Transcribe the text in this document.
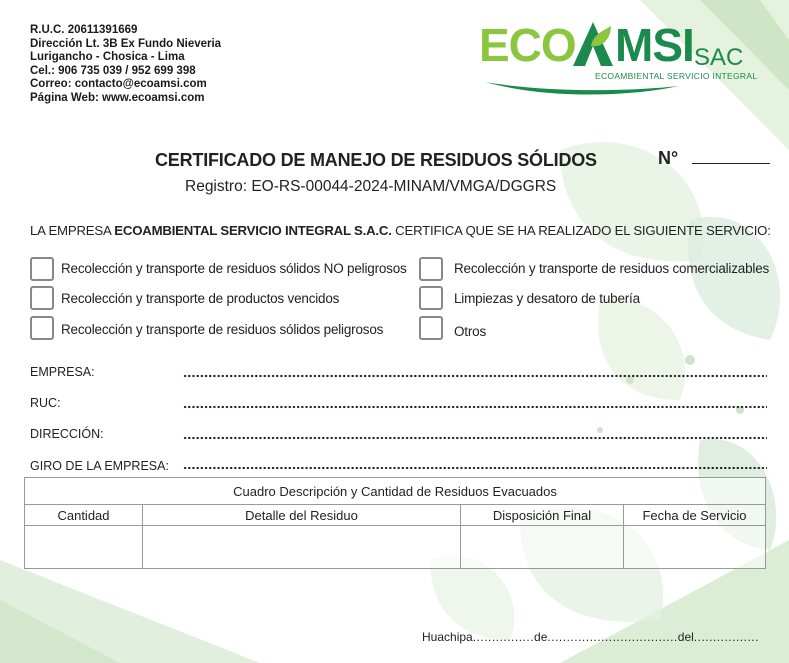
R.U.C. 20611391669
Dirección Lt. 3B Ex Fundo Nieveria
Lurigancho - Chosica - Lima
Cel.: 906 735 039 / 952 699 398
Correo: contacto@ecoamsi.com
Página Web: www.ecoamsi.com
ECO MSI SAC
ECOAMBIENTAL SERVICIO INTEGRAL
CERTIFICADO DE MANEJO DE RESIDUOS SÓLIDOS	N°
Registro: EO-RS-00044-2024-MINAM/VMGA/DGGRS
LA EMPRESA ECOAMBIENTAL SERVICIO INTEGRAL S.A.C. CERTIFICA QUE SE HA REALIZADO EL SIGUIENTE SERVICIO:
Recolección y transporte de residuos sólidos NO peligrosos
Recolección y transporte de productos vencidos
Recolección y transporte de residuos sólidos peligrosos
Recolección y transporte de residuos comercializables
Limpiezas y desatoro de tubería
Otros
EMPRESA:
RUC:
DIRECCIÓN:
GIRO DE LA EMPRESA:
Cuadro Descripción y Cantidad de Residuos Evacuados			
Cantidad	Detalle del Residuo	Disposición Final	Fecha de Servicio

Huachipa................de..................................del.................
